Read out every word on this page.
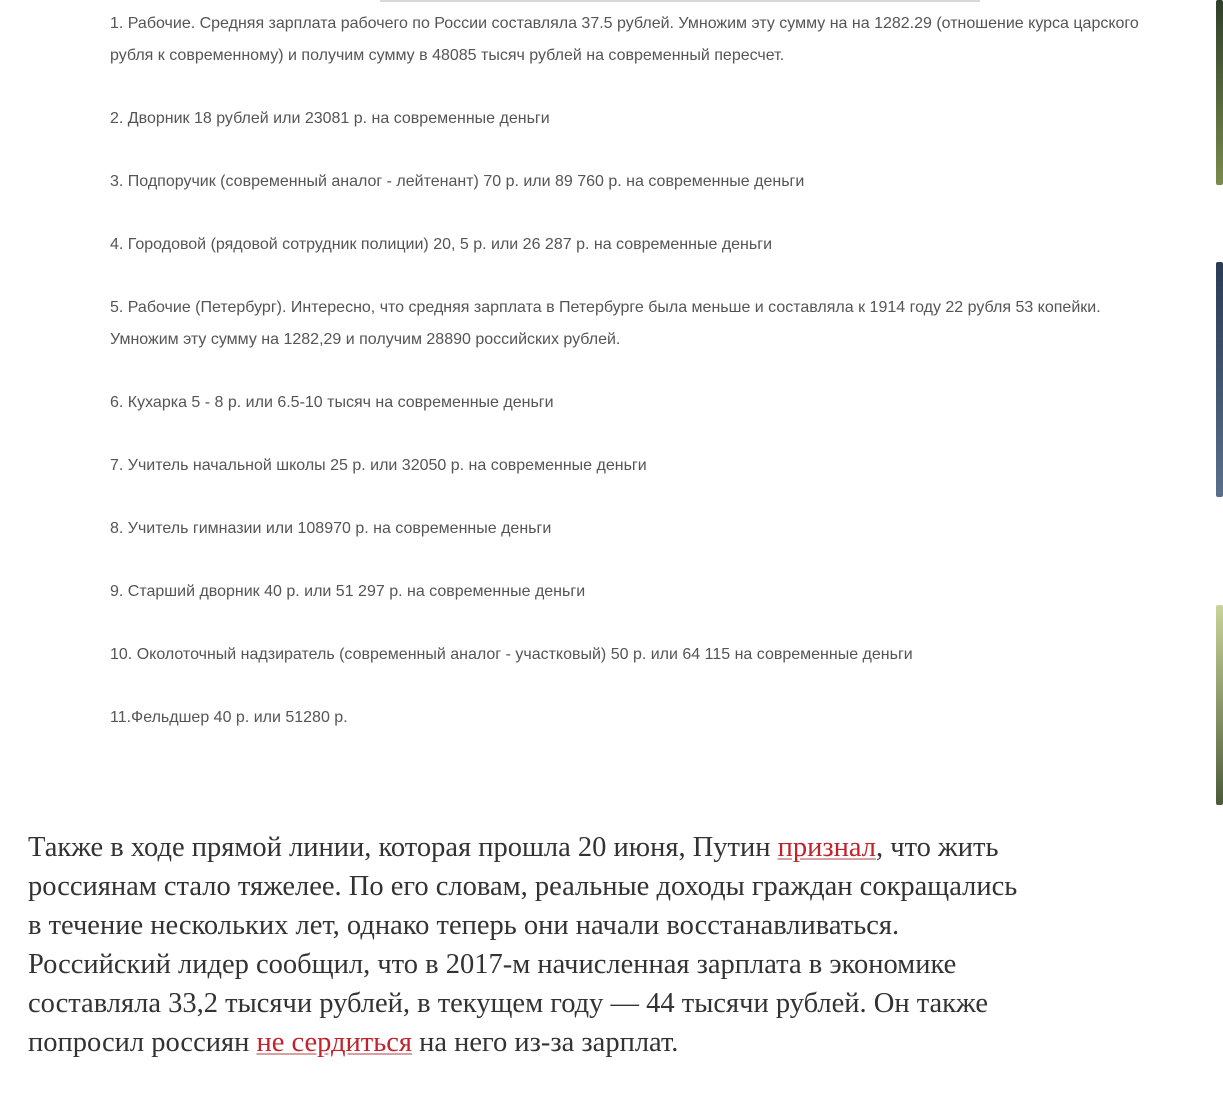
1. Рабочие. Средняя зарплата рабочего по России составляла 37.5 рублей. Умножим эту сумму на на 1282.29 (отношение курса царского рубля к современному) и получим сумму в 48085 тысяч рублей на современный пересчет.
2. Дворник 18 рублей или 23081 р. на современные деньги
3. Подпоручик (современный аналог - лейтенант) 70 р. или 89 760 р. на современные деньги
4. Городовой (рядовой сотрудник полиции) 20, 5 р. или 26 287 р. на современные деньги
5. Рабочие (Петербург). Интересно, что средняя зарплата в Петербурге была меньше и составляла к 1914 году 22 рубля 53 копейки. Умножим эту сумму на 1282,29 и получим 28890 российских рублей.
6. Кухарка 5 - 8 р. или 6.5-10 тысяч на современные деньги
7. Учитель начальной школы 25 р. или 32050 р. на современные деньги
8. Учитель гимназии или 108970 р. на современные деньги
9. Старший дворник 40 р. или 51 297 р. на современные деньги
10. Околоточный надзиратель (современный аналог - участковый) 50 р. или 64 115 на современные деньги
11.Фельдшер 40 р. или 51280 р.
Также в ходе прямой линии, которая прошла 20 июня, Путин признал, что жить
россиянам стало тяжелее. По его словам, реальные доходы граждан сокращались
в течение нескольких лет, однако теперь они начали восстанавливаться.
Российский лидер сообщил, что в 2017-м начисленная зарплата в экономике
составляла 33,2 тысячи рублей, в текущем году — 44 тысячи рублей. Он также
попросил россиян не сердиться на него из-за зарплат.
